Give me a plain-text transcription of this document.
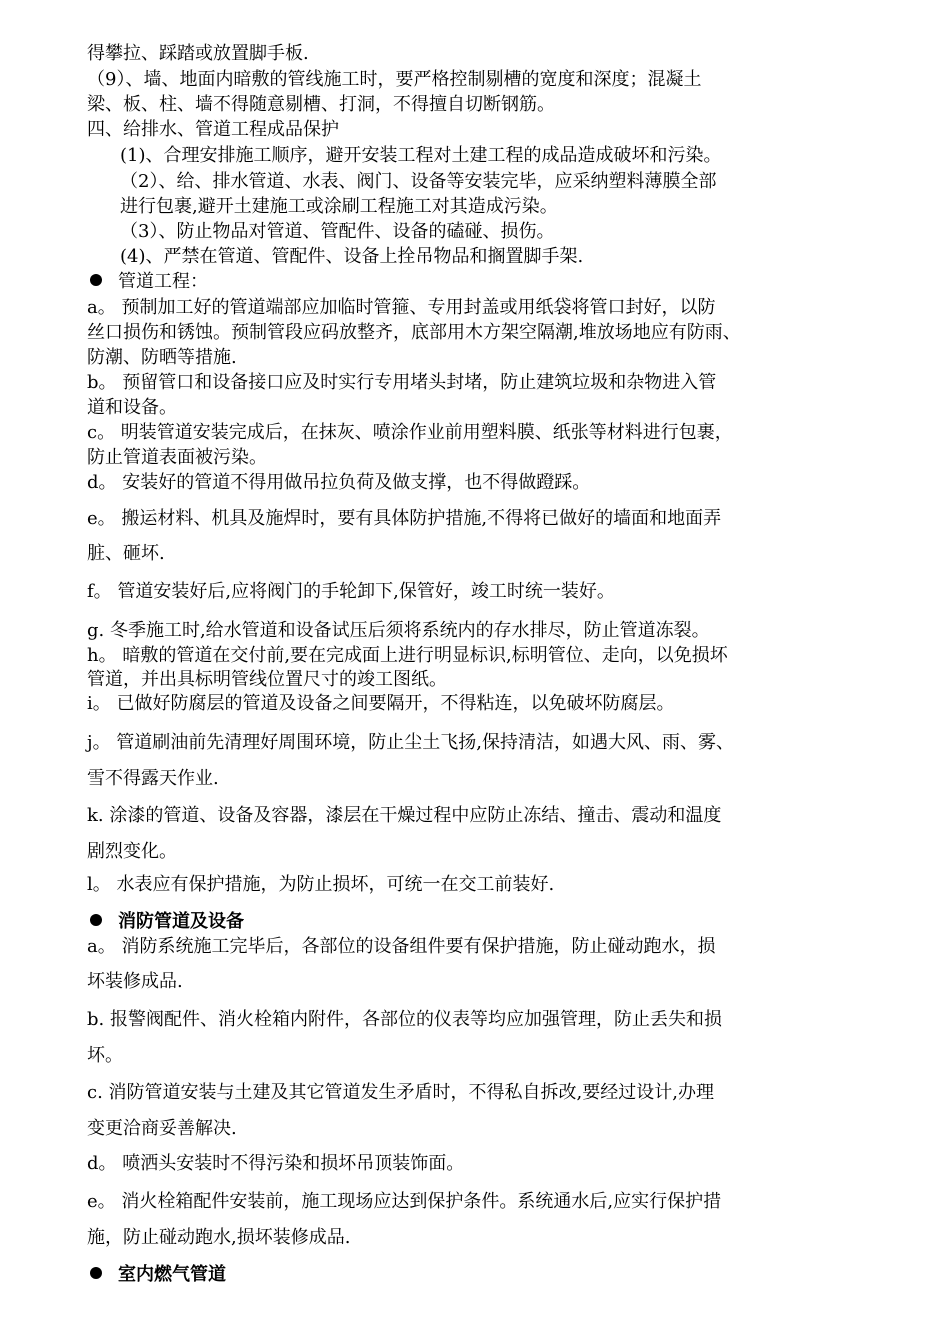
得攀拉、踩踏或放置脚手板.
（9）、墙、地面内暗敷的管线施工时，要严格控制剔槽的宽度和深度；混凝土
梁、板、柱、墙不得随意剔槽、打洞，不得擅自切断钢筋。
四、给排水、管道工程成品保护
(1)、合理安排施工顺序，避开安装工程对土建工程的成品造成破坏和污染。
（2）、给、排水管道、水表、阀门、设备等安装完毕，应采纳塑料薄膜全部
进行包裹,避开土建施工或涂刷工程施工对其造成污染。
（3）、防止物品对管道、管配件、设备的磕碰、损伤。
(4)、严禁在管道、管配件、设备上拴吊物品和搁置脚手架.
管道工程：
a。 预制加工好的管道端部应加临时管箍、专用封盖或用纸袋将管口封好，以防
丝口损伤和锈蚀。预制管段应码放整齐，底部用木方架空隔潮,堆放场地应有防雨、
防潮、防晒等措施.
b。 预留管口和设备接口应及时实行专用堵头封堵，防止建筑垃圾和杂物进入管
道和设备。
c。 明装管道安装完成后，在抹灰、喷涂作业前用塑料膜、纸张等材料进行包裹，
防止管道表面被污染。
d。 安装好的管道不得用做吊拉负荷及做支撑，也不得做蹬踩。
e。 搬运材料、机具及施焊时，要有具体防护措施,不得将已做好的墙面和地面弄
脏、砸坏.
f。 管道安装好后,应将阀门的手轮卸下,保管好，竣工时统一装好。
g. 冬季施工时,给水管道和设备试压后须将系统内的存水排尽，防止管道冻裂。
h。 暗敷的管道在交付前,要在完成面上进行明显标识,标明管位、走向，以免损坏
管道，并出具标明管线位置尺寸的竣工图纸。
i。 已做好防腐层的管道及设备之间要隔开，不得粘连，以免破坏防腐层。
j。 管道刷油前先清理好周围环境，防止尘土飞扬,保持清洁，如遇大风、雨、雾、
雪不得露天作业.
k. 涂漆的管道、设备及容器，漆层在干燥过程中应防止冻结、撞击、震动和温度
剧烈变化。
l。 水表应有保护措施，为防止损坏，可统一在交工前装好.
消防管道及设备
a。 消防系统施工完毕后，各部位的设备组件要有保护措施，防止碰动跑水，损
坏装修成品.
b. 报警阀配件、消火栓箱内附件，各部位的仪表等均应加强管理，防止丢失和损
坏。
c. 消防管道安装与土建及其它管道发生矛盾时，不得私自拆改,要经过设计,办理
变更洽商妥善解决.
d。 喷洒头安装时不得污染和损坏吊顶装饰面。
e。 消火栓箱配件安装前，施工现场应达到保护条件。系统通水后,应实行保护措
施，防止碰动跑水,损坏装修成品.
室内燃气管道
